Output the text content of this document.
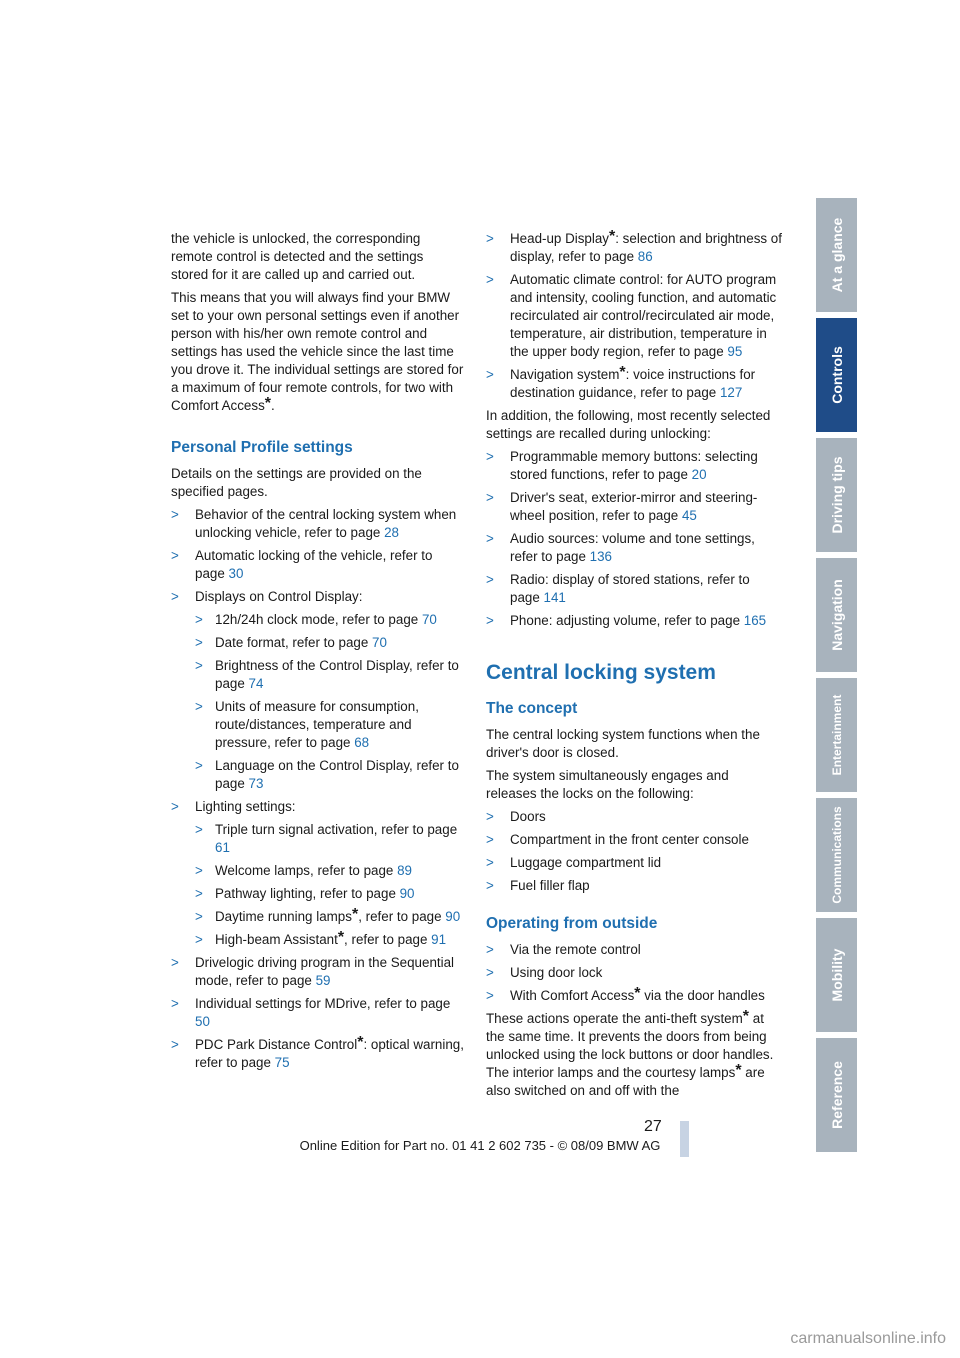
the vehicle is unlocked, the corresponding remote control is detected and the settings stored for it are called up and carried out.

This means that you will always find your BMW set to your own personal settings even if another person with his/her own remote control and settings has used the vehicle since the last time you drove it. The individual settings are stored for a maximum of four remote controls, for two with Comfort Access*.

Personal Profile settings

Details on the settings are provided on the specified pages.

> Behavior of the central locking system when unlocking vehicle, refer to page 28
> Automatic locking of the vehicle, refer to page 30
> Displays on Control Display:
> 12h/24h clock mode, refer to page 70
> Date format, refer to page 70
> Brightness of the Control Display, refer to page 74
> Units of measure for consumption, route/distances, temperature and pressure, refer to page 68
> Language on the Control Display, refer to page 73
> Lighting settings:
> Triple turn signal activation, refer to page 61
> Welcome lamps, refer to page 89
> Pathway lighting, refer to page 90
> Daytime running lamps*, refer to page 90
> High-beam Assistant*, refer to page 91
> Drivelogic driving program in the Sequential mode, refer to page 59
> Individual settings for MDrive, refer to page 50
> PDC Park Distance Control*: optical warning, refer to page 75
> Head-up Display*: selection and brightness of display, refer to page 86
> Automatic climate control: for AUTO program and intensity, cooling function, and automatic recirculated air control/recirculated air mode, temperature, air distribution, temperature in the upper body region, refer to page 95
> Navigation system*: voice instructions for destination guidance, refer to page 127

In addition, the following, most recently selected settings are recalled during unlocking:

> Programmable memory buttons: selecting stored functions, refer to page 20
> Driver's seat, exterior-mirror and steering-wheel position, refer to page 45
> Audio sources: volume and tone settings, refer to page 136
> Radio: display of stored stations, refer to page 141
> Phone: adjusting volume, refer to page 165
Central locking system
The concept

The central locking system functions when the driver's door is closed.

The system simultaneously engages and releases the locks on the following:

> Doors
> Compartment in the front center console
> Luggage compartment lid
> Fuel filler flap
Operating from outside
> Via the remote control
> Using door lock
> With Comfort Access* via the door handles

These actions operate the anti-theft system* at the same time. It prevents the doors from being unlocked using the lock buttons or door handles. The interior lamps and the courtesy lamps* are also switched on and off with the

At a glance
Controls
Driving tips
Navigation
Entertainment
Communications
Mobility
Reference
27
Online Edition for Part no. 01 41 2 602 735 - © 08/09 BMW AG
carmanualsonline.info
